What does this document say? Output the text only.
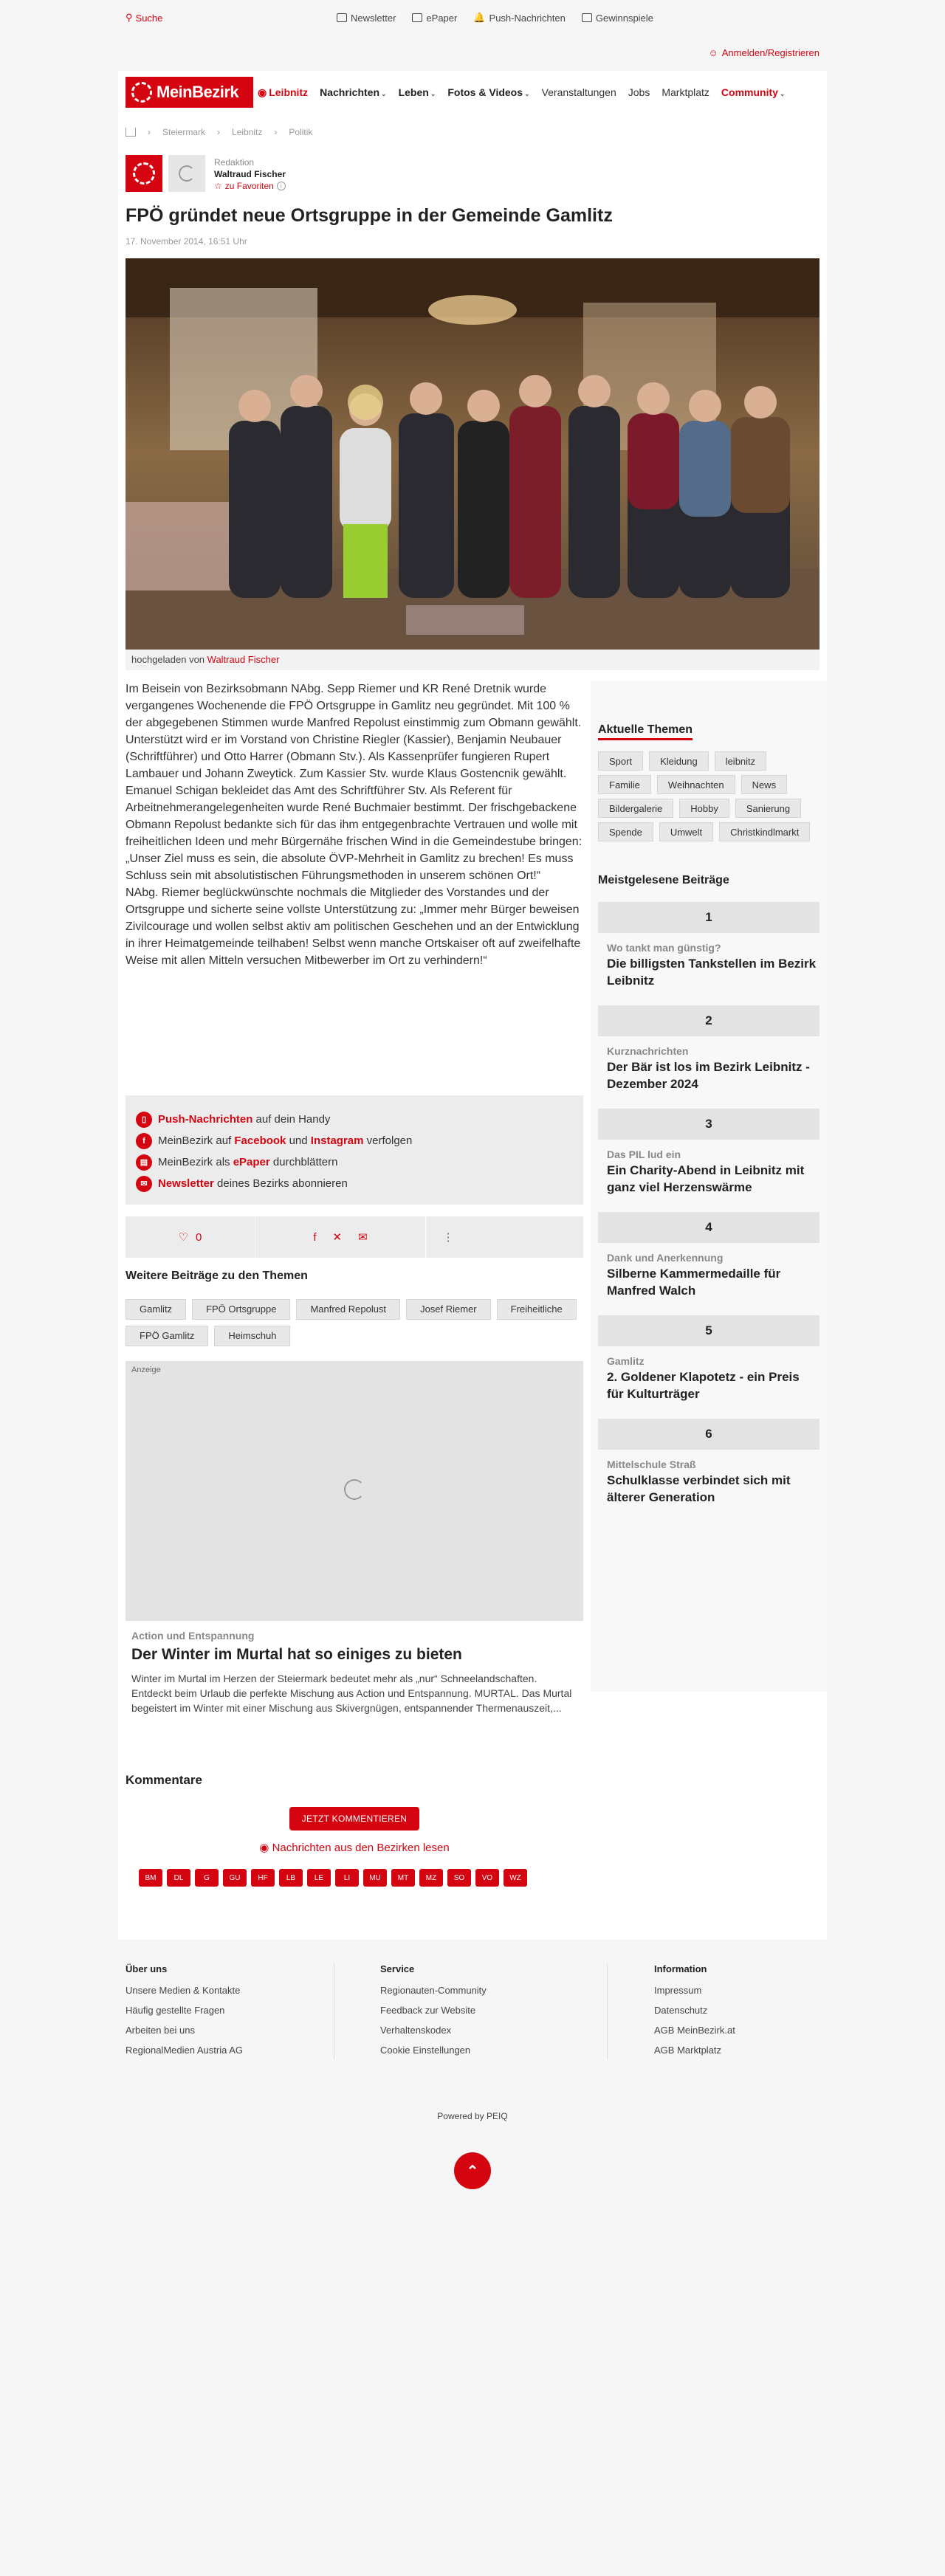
⚲ Suche	Newsletter	ePaper 🔔 Push-Nachrichten	Gewinnspiele
☺ Anmelden/Registrieren
MeinBezirk ◉ Leibnitz Nachrichten ⌄ Leben ⌄ Fotos & Videos ⌄ Veranstaltungen Jobs Marktplatz Community ⌄
› Steiermark › Leibnitz › Politik
Redaktion
Waltraud Fischer
☆ zu Favoriten	i
FPÖ gründet neue Ortsgruppe in der Gemeinde Gamlitz
17. November 2014, 16:51 Uhr
hochgeladen von Waltraud Fischer

Im Beisein von Bezirksobmann NAbg. Sepp Riemer und KR René Dretnik wurde vergangenes Wochenende die FPÖ Ortsgruppe in Gamlitz neu gegründet. Mit 100 % der abgegebenen Stimmen wurde Manfred Repolust einstimmig zum Obmann gewählt. Unterstützt wird er im Vorstand von Christine Riegler (Kassier), Benjamin Neubauer (Schriftführer) und Otto Harrer (Obmann Stv.). Als Kassenprüfer fungieren Rupert Lambauer und Johann Zweytick. Zum Kassier Stv. wurde Klaus Gostencnik gewählt. Emanuel Schigan bekleidet das Amt des Schriftführer Stv. Als Referent für Arbeitnehmerangelegenheiten wurde René Buchmaier bestimmt. Der frischgebackene Obmann Repolust bedankte sich für das ihm entgegenbrachte Vertrauen und wolle mit freiheitlichen Ideen und mehr Bürgernähe frischen Wind in die Gemeindestube bringen: „Unser Ziel muss es sein, die absolute ÖVP-Mehrheit in Gamlitz zu brechen! Es muss Schluss sein mit absolutistischen Führungsmethoden in unserem schönen Ort!“

NAbg. Riemer beglückwünschte nochmals die Mitglieder des Vorstandes und der Ortsgruppe und sicherte seine vollste Unterstützung zu: „Immer mehr Bürger beweisen Zivilcourage und wollen selbst aktiv am politischen Geschehen und an der Entwicklung in ihrer Heimatgemeinde teilhaben! Selbst wenn manche Ortskaiser oft auf zweifelhafte Weise mit allen Mitteln versuchen Mitbewerber im Ort zu verhindern!“

▯	Push-Nachrichten auf dein Handy
f	MeinBezirk auf Facebook und Instagram verfolgen
▤ MeinBezirk als ePaper durchblättern
✉ Newsletter deines Bezirks abonnieren
♡ 0	f ✕ ✉	⋮
Weitere Beiträge zu den Themen
Gamlitz	FPÖ Ortsgruppe	Manfred Repolust	Josef Riemer	Freiheitliche
FPÖ Gamlitz	Heimschuh
Anzeige
Action und Entspannung
Der Winter im Murtal hat so einiges zu bieten
Winter im Murtal im Herzen der Steiermark bedeutet mehr als „nur“ Schneelandschaften. Entdeckt beim Urlaub die perfekte Mischung aus Action und Entspannung. MURTAL. Das Murtal begeistert im Winter mit einer Mischung aus Skivergnügen, entspannender Thermenauszeit,...
Kommentare
JETZT KOMMENTIEREN
◉ Nachrichten aus den Bezirken lesen
BM	DL	G	GU	HF	LB	LE	LI	MU	MT	MZ	SO	VO	WZ
Aktuelle Themen
Sport	Kleidung	leibnitz
Familie	Weihnachten	News
Bildergalerie	Hobby	Sanierung
Spende	Umwelt	Christkindlmarkt
Meistgelesene Beiträge
1
Wo tankt man günstig?
Die billigsten Tankstellen im Bezirk Leibnitz
2
Kurznachrichten
Der Bär ist los im Bezirk Leibnitz - Dezember 2024
3
Das PIL lud ein
Ein Charity-Abend in Leibnitz mit ganz viel Herzenswärme
4
Dank und Anerkennung
Silberne Kammermedaille für Manfred Walch
5
Gamlitz
2. Goldener Klapotetz - ein Preis für Kulturträger
6
Mittelschule Straß
Schulklasse verbindet sich mit älterer Generation
Über uns
Unsere Medien & Kontakte
Häufig gestellte Fragen
Arbeiten bei uns
RegionalMedien Austria AG
Service
Regionauten-Community
Feedback zur Website
Verhaltenskodex
Cookie Einstellungen
Information
Impressum
Datenschutz
AGB MeinBezirk.at
AGB Marktplatz
Powered by PEIQ
⌃
